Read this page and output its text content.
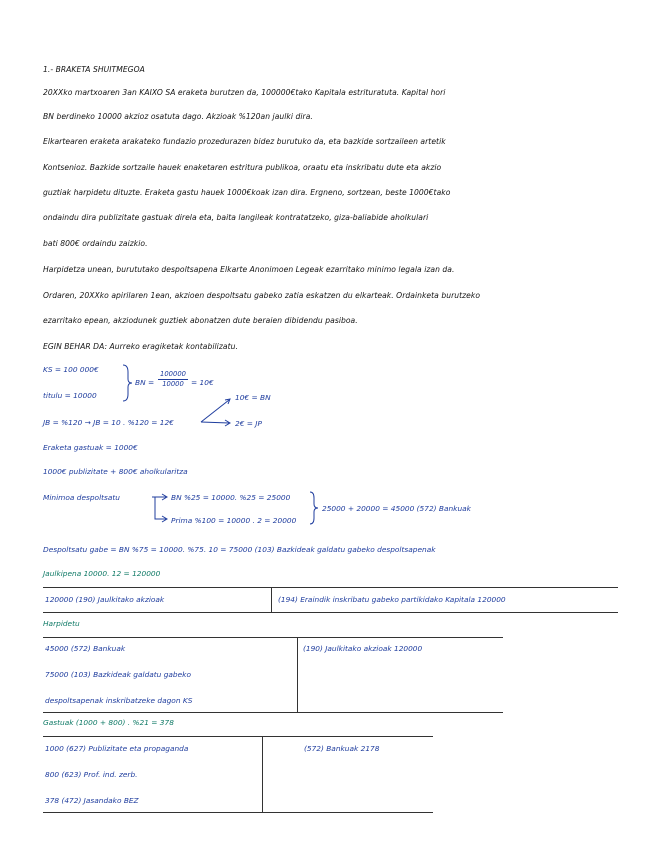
1.- BRAKETA SHUITMEGOA
20XXko martxoaren 3an KAIXO SA eraketa burutzen da, 100000€tako Kapitala estrituratuta. Kapital hori
BN berdineko 10000 akzioz osatuta dago. Akzioak %120an jaulki dira.
Elkartearen eraketa arakateko fundazio prozedurazen bidez burutuko da, eta bazkide sortzaileen artetik
Kontsenioz. Bazkide sortzaile hauek enaketaren estritura publikoa, oraatu eta inskribatu dute eta akzio
guztiak harpidetu dituzte. Eraketa gastu hauek 1000€koak izan dira. Ergneno, sortzean, beste 1000€tako
ondaindu dira publizitate gastuak direla eta, baita langileak kontratatzeko, giza-baliabide aholkulari
bati 800€ ordaindu zaizkio.
Harpidetza unean, burututako despoltsapena Elkarte Anonimoen Legeak ezarritako minimo legala izan da.
Ordaren, 20XXko apirilaren 1ean, akzioen despoltsatu gabeko zatia eskatzen du elkarteak. Ordainketa burutzeko
ezarritako epean, akziodunek guztiek abonatzen dute beraien dibidendu pasiboa.
EGIN BEHAR DA: Aurreko eragiketak kontabilizatu.
KS = 100 000€
titulu = 10000
BN =
100000
10000 = 10€
JB = %120 → JB = 10 . %120 = 12€
10€ = BN
2€ = JP
Eraketa gastuak = 1000€
1000€ publizitate + 800€ aholkularitza
Minimoa despoltsatu	BN %25 = 10000. %25 = 25000
Prima %100 = 10000 . 2 = 20000
25000 + 20000 = 45000 (572) Bankuak
Despoltsatu gabe = BN %75 = 10000. %75. 10 = 75000 (103) Bazkideak galdatu gabeko despoltsapenak
Jaulkipena 10000. 12 = 120000
120000 (190) Jaulkitako akzioak	(194) Eraindik inskribatu gabeko partikidako Kapitala 120000
Harpidetu
45000 (572) Bankuak
75000 (103) Bazkideak galdatu gabeko
despoltsapenak inskribatzeke dagon KS
(190) Jaulkitako akzioak 120000
Gastuak (1000 + 800) . %21 = 378
1000 (627) Publizitate eta propaganda
800 (623) Prof. ind. zerb.
378 (472) Jasandako BEZ
(572) Bankuak 2178
